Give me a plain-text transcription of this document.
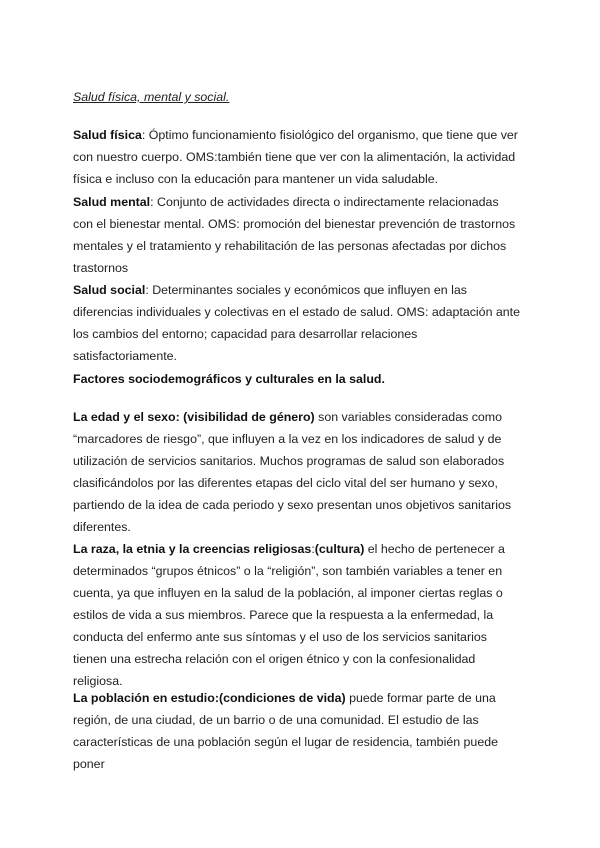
Salud física, mental y social.

Salud física: Óptimo funcionamiento fisiológico del organismo, que tiene que ver con nuestro cuerpo. OMS:también tiene que ver con la alimentación, la actividad física e incluso con la educación para mantener un vida saludable.

Salud mental: Conjunto de actividades directa o indirectamente relacionadas con el bienestar mental. OMS: promoción del bienestar prevención de trastornos mentales y el tratamiento y rehabilitación de las personas afectadas por dichos trastornos

Salud social: Determinantes sociales y económicos que influyen en las diferencias individuales y colectivas en el estado de salud. OMS: adaptación ante los cambios del entorno; capacidad para desarrollar relaciones satisfactoriamente.

Factores sociodemográficos y culturales en la salud.

La edad y el sexo: (visibilidad de género) son variables consideradas como “marcadores de riesgo”, que influyen a la vez en los indicadores de salud y de utilización de servicios sanitarios. Muchos programas de salud son elaborados clasificándolos por las diferentes etapas del ciclo vital del ser humano y sexo, partiendo de la idea de cada periodo y sexo presentan unos objetivos sanitarios diferentes.

La raza, la etnia y la creencias religiosas:(cultura) el hecho de pertenecer a determinados “grupos étnicos” o la “religión”, son también variables a tener en cuenta, ya que influyen en la salud de la población, al imponer ciertas reglas o estilos de vida a sus miembros. Parece que la respuesta a la enfermedad, la conducta del enfermo ante sus síntomas y el uso de los servicios sanitarios tienen una estrecha relación con el origen étnico y con la confesionalidad religiosa.

La población en estudio:(condiciones de vida) puede formar parte de una región, de una ciudad, de un barrio o de una comunidad. El estudio de las características de una población según el lugar de residencia, también puede poner
